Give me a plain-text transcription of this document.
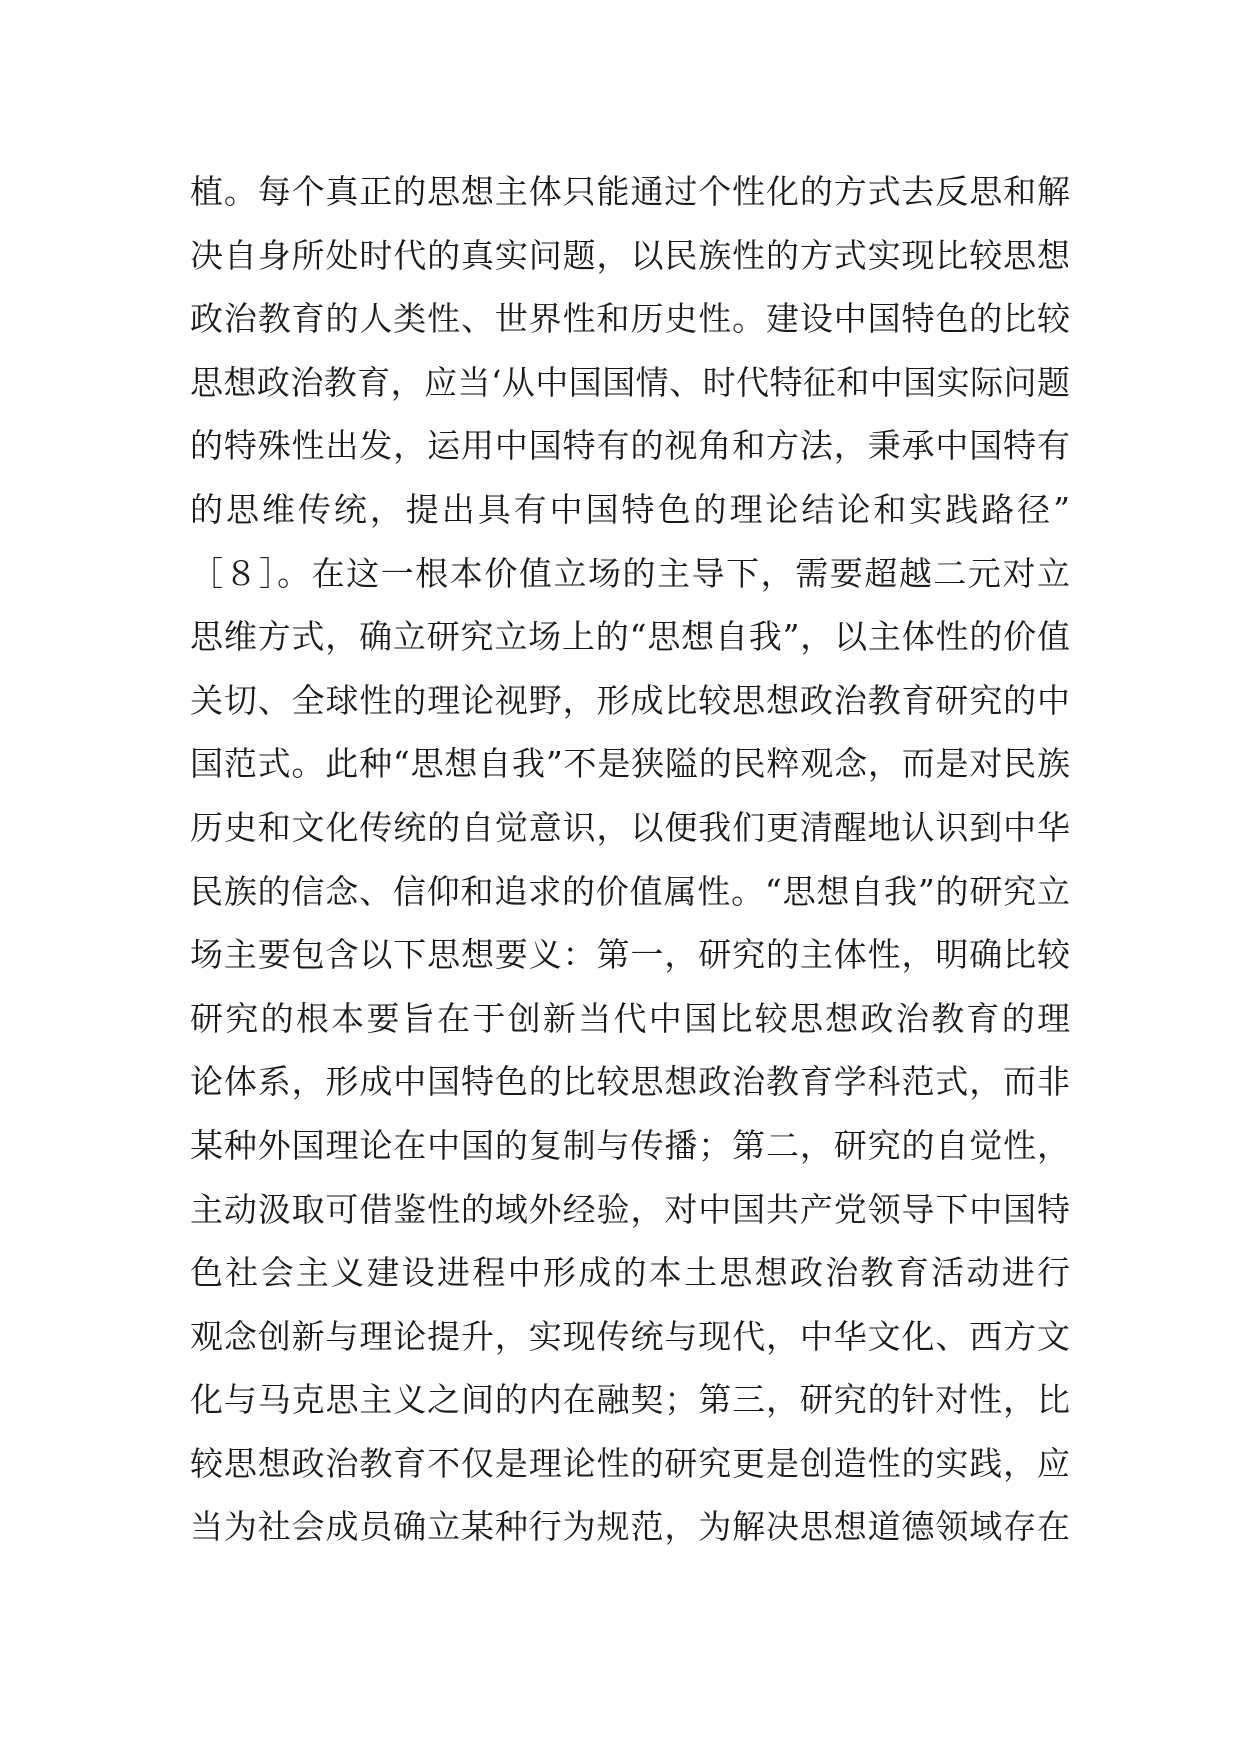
植。每个真正的思想主体只能通过个性化的方式去反思和解
决自身所处时代的真实问题，以民族性的方式实现比较思想
政治教育的人类性、世界性和历史性。建设中国特色的比较
思想政治教育，应当‘从中国国情、时代特征和中国实际问题
的特殊性出发，运用中国特有的视角和方法，秉承中国特有
的思维传统，提出具有中国特色的理论结论和实践路径”
［８］。在这一根本价值立场的主导下，需要超越二元对立
思维方式，确立研究立场上的“思想自我”，以主体性的价值
关切、全球性的理论视野，形成比较思想政治教育研究的中
国范式。此种“思想自我”不是狭隘的民粹观念，而是对民族
历史和文化传统的自觉意识，以便我们更清醒地认识到中华
民族的信念、信仰和追求的价值属性。“思想自我”的研究立
场主要包含以下思想要义：第一，研究的主体性，明确比较
研究的根本要旨在于创新当代中国比较思想政治教育的理
论体系，形成中国特色的比较思想政治教育学科范式，而非
某种外国理论在中国的复制与传播；第二，研究的自觉性，
主动汲取可借鉴性的域外经验，对中国共产党领导下中国特
色社会主义建设进程中形成的本土思想政治教育活动进行
观念创新与理论提升，实现传统与现代，中华文化、西方文
化与马克思主义之间的内在融契；第三，研究的针对性，比
较思想政治教育不仅是理论性的研究更是创造性的实践，应
当为社会成员确立某种行为规范，为解决思想道德领域存在
